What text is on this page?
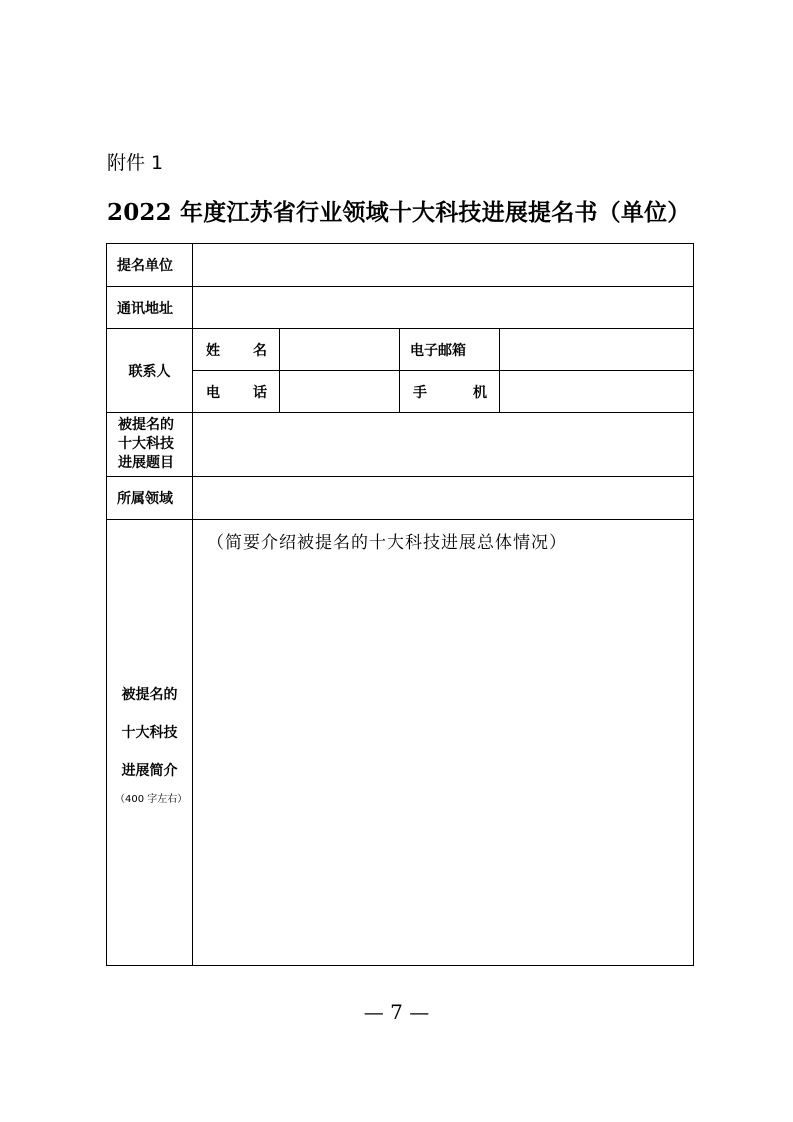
附件 1
2022 年度江苏省行业领域十大科技进展提名书（单位）
提名单位				
通讯地址				
联系人	姓 名		电子邮箱	

	电 话		手 机	

被提名的
十大科技
进展题目				

所属领域				

被提名的
十大科技
进展简介
（400 字左右）	（简要介绍被提名的十大科技进展总体情况）			
— 7 —
